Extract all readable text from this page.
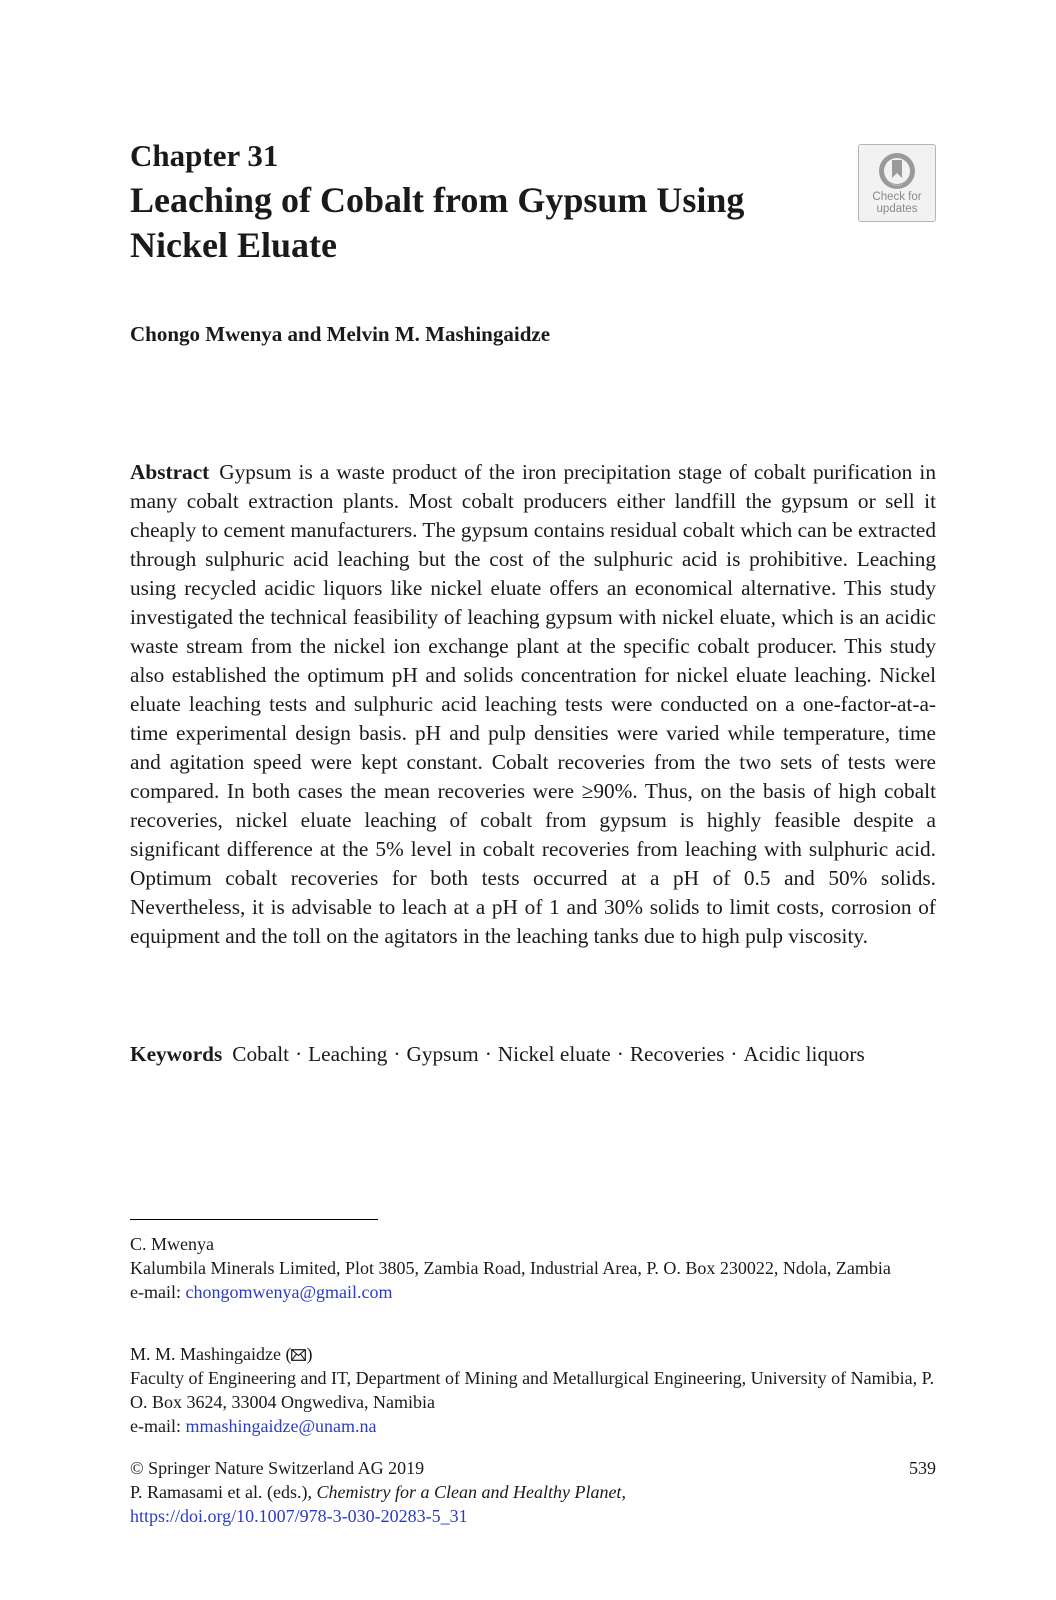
Chapter 31
Leaching of Cobalt from Gypsum Using Nickel Eluate
Check for
updates
Chongo Mwenya and Melvin M. Mashingaidze

Abstract Gypsum is a waste product of the iron precipitation stage of cobalt purification in many cobalt extraction plants. Most cobalt producers either landfill the gypsum or sell it cheaply to cement manufacturers. The gypsum contains residual cobalt which can be extracted through sulphuric acid leaching but the cost of the sulphuric acid is prohibitive. Leaching using recycled acidic liquors like nickel eluate offers an economical alternative. This study investigated the technical feasibility of leaching gypsum with nickel eluate, which is an acidic waste stream from the nickel ion exchange plant at the specific cobalt producer. This study also established the optimum pH and solids concentration for nickel eluate leaching. Nickel eluate leaching tests and sulphuric acid leaching tests were conducted on a one-factor-at-a-time experimental design basis. pH and pulp densities were varied while temperature, time and agitation speed were kept constant. Cobalt recoveries from the two sets of tests were compared. In both cases the mean recoveries were ≥90%. Thus, on the basis of high cobalt recoveries, nickel eluate leaching of cobalt from gypsum is highly feasible despite a significant difference at the 5% level in cobalt recoveries from leaching with sulphuric acid. Optimum cobalt recoveries for both tests occurred at a pH of 0.5 and 50% solids. Nevertheless, it is advisable to leach at a pH of 1 and 30% solids to limit costs, corrosion of equipment and the toll on the agitators in the leaching tanks due to high pulp viscosity.

Keywords Cobalt · Leaching · Gypsum · Nickel eluate · Recoveries · Acidic liquors

C. Mwenya
Kalumbila Minerals Limited, Plot 3805, Zambia Road, Industrial Area, P. O. Box 230022, Ndola, Zambia
e-mail: chongomwenya@gmail.com

M. M. Mashingaidze ( )
Faculty of Engineering and IT, Department of Mining and Metallurgical Engineering, University of Namibia, P. O. Box 3624, 33004 Ongwediva, Namibia
e-mail: mmashingaidze@unam.na

© Springer Nature Switzerland AG 2019	539

P. Ramasami et al. (eds.), Chemistry for a Clean and Healthy Planet,
https://doi.org/10.1007/978-3-030-20283-5_31
